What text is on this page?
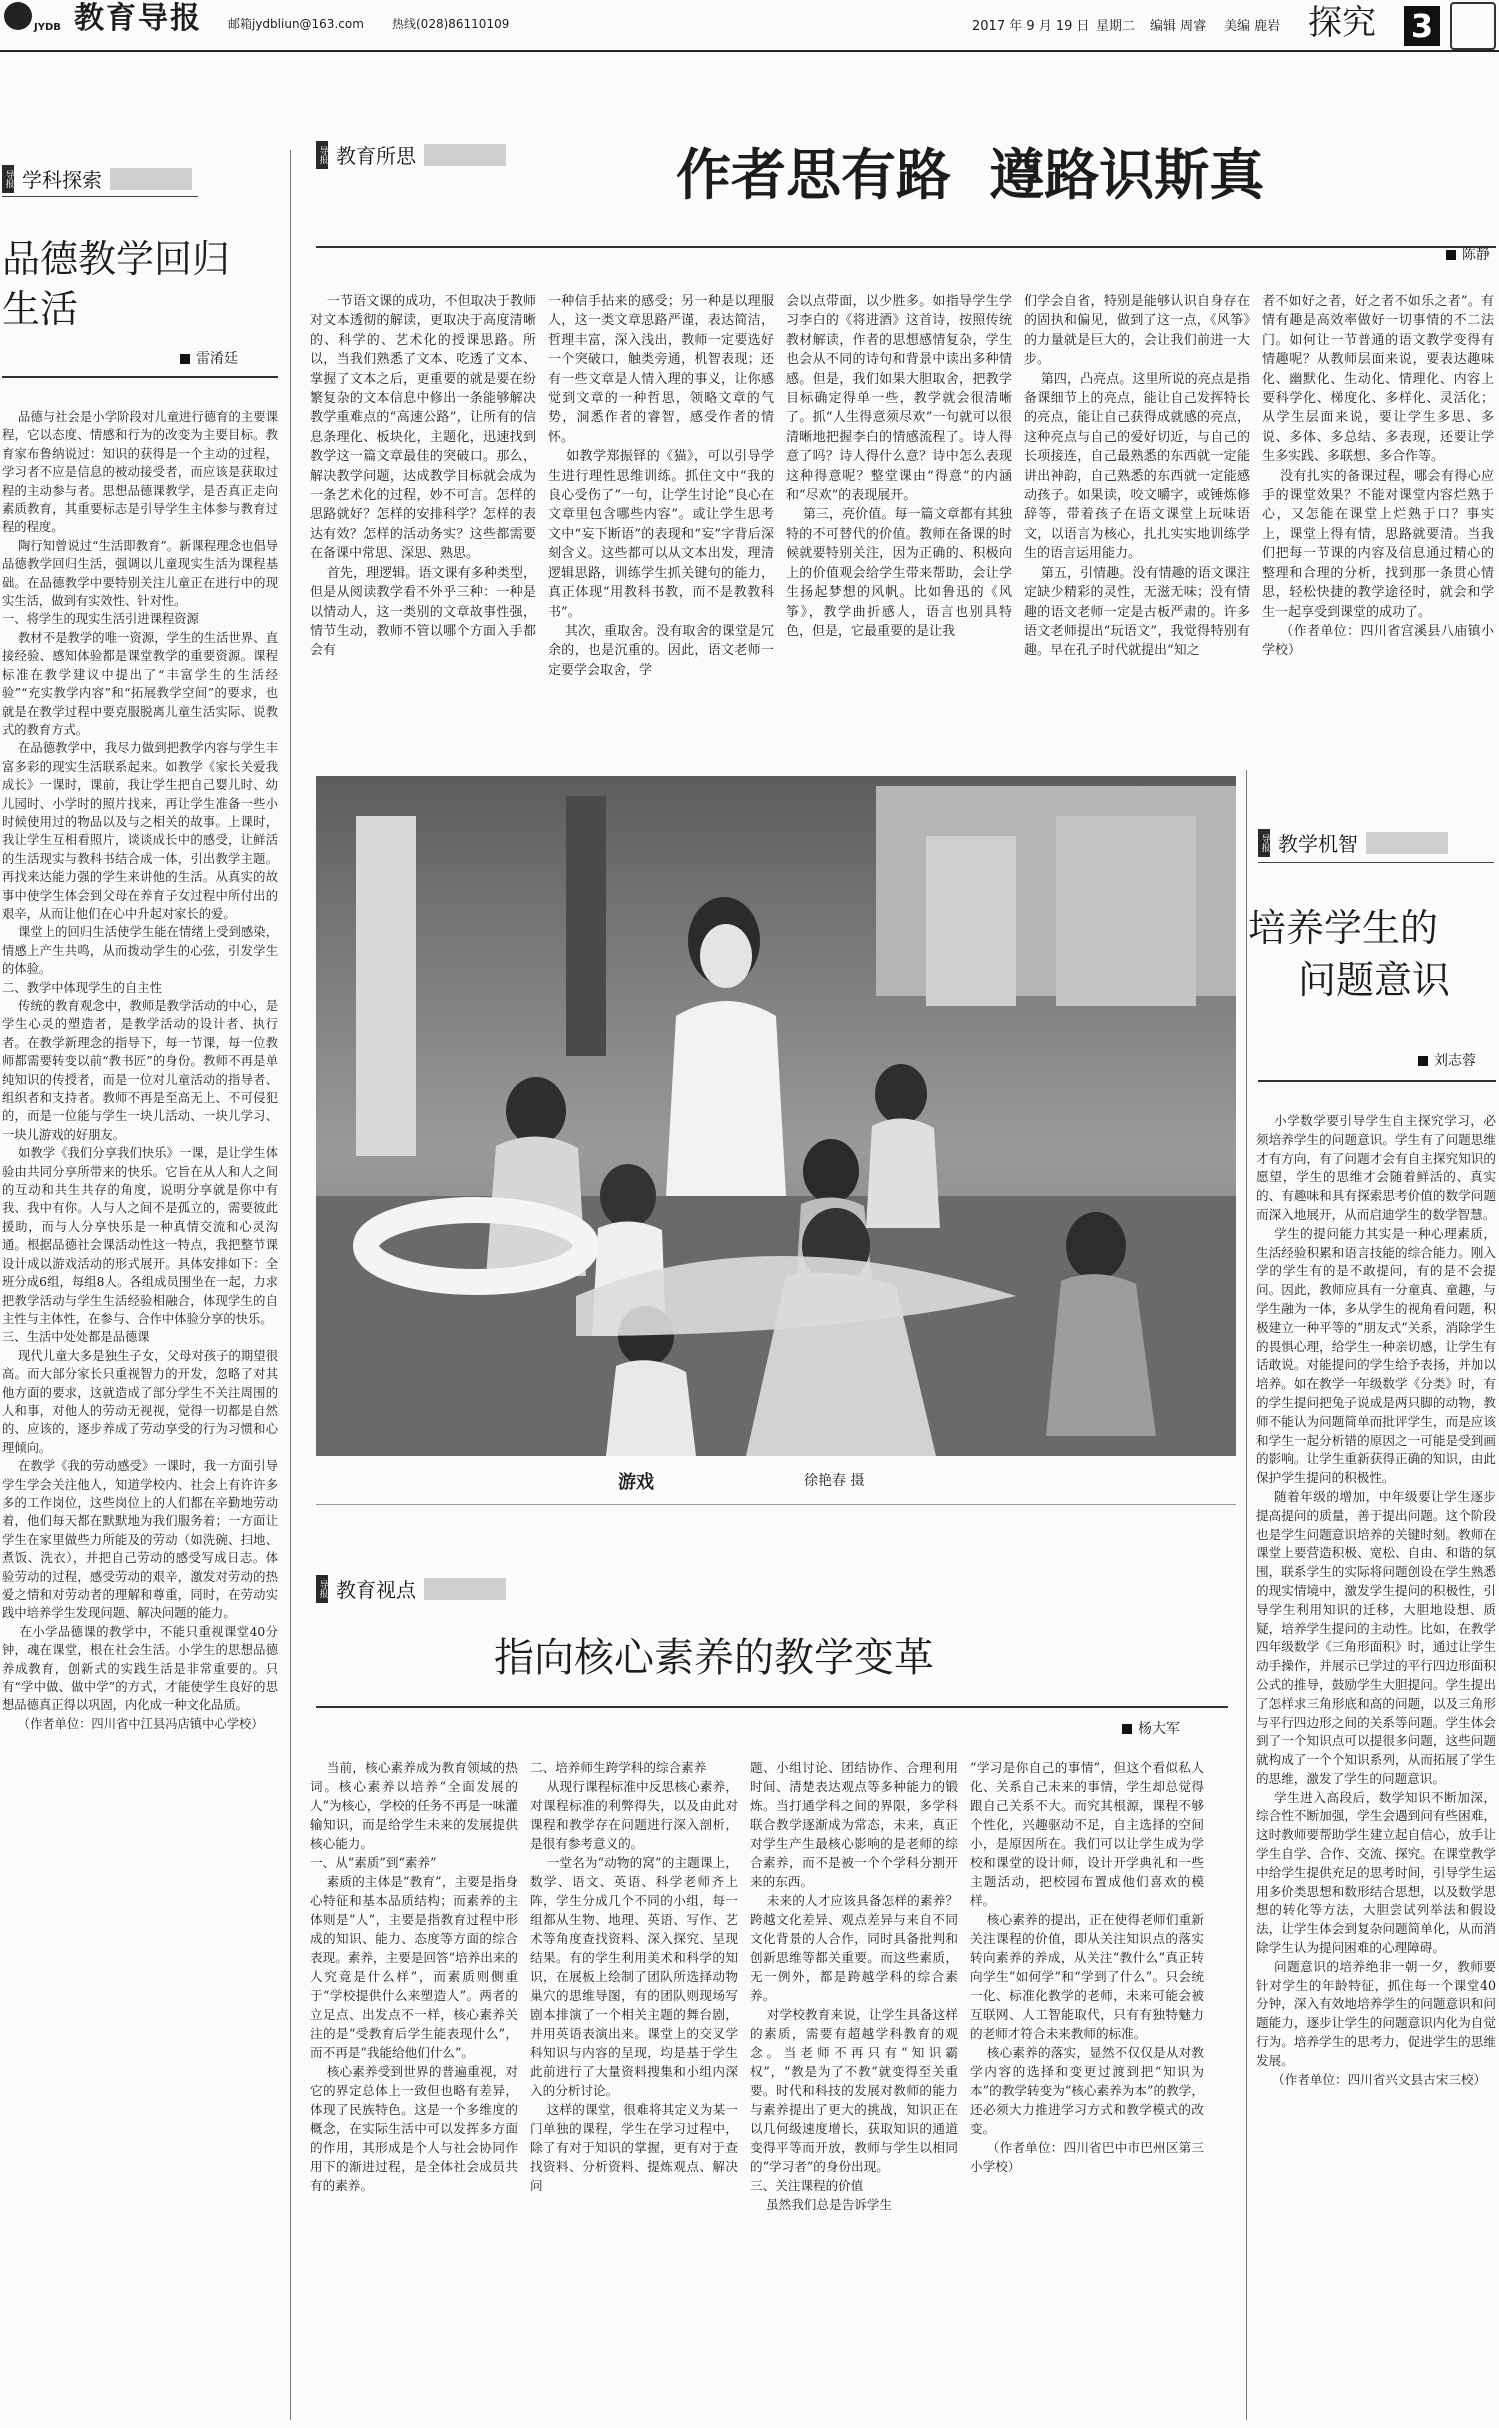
JYDB 教育导报 邮箱jydbliun@163.com 热线(028)86110109	2017 年 9 月 19 日 星期二 编辑 周睿 美编 鹿岩 探究 3
导报 学科探索
品德教学回归
生活
雷淆廷
品德与社会是小学阶段对儿童进行德育的主要课程，它以态度、情感和行为的改变为主要目标。教育家布鲁纳说过：知识的获得是一个主动的过程，学习者不应是信息的被动接受者，而应该是获取过程的主动参与者。思想品德课教学，是否真正走向素质教育，其重要标志是引导学生主体参与教育过程的程度。
陶行知曾说过“生活即教育”。新课程理念也倡导品德教学回归生活，强调以儿童现实生活为课程基础。在品德教学中要特别关注儿童正在进行中的现实生活，做到有实效性、针对性。
一、将学生的现实生活引进课程资源
教材不是教学的唯一资源，学生的生活世界、直接经验、感知体验都是课堂教学的重要资源。课程标准在教学建议中提出了“丰富学生的生活经验”“充实教学内容”和“拓展教学空间”的要求，也就是在教学过程中要克服脱离儿童生活实际、说教式的教育方式。
在品德教学中，我尽力做到把教学内容与学生丰富多彩的现实生活联系起来。如教学《家长关爱我成长》一课时，课前，我让学生把自己婴儿时、幼儿园时、小学时的照片找来，再让学生准备一些小时候使用过的物品以及与之相关的故事。上课时，我让学生互相看照片，谈谈成长中的感受，让鲜活的生活现实与教科书结合成一体，引出教学主题。再找来达能力强的学生来讲他的生活。从真实的故事中使学生体会到父母在养育子女过程中所付出的艰辛，从而让他们在心中升起对家长的爱。
课堂上的回归生活使学生能在情绪上受到感染，情感上产生共鸣，从而拨动学生的心弦，引发学生的体验。
二、教学中体现学生的自主性
传统的教育观念中，教师是教学活动的中心，是学生心灵的塑造者，是教学活动的设计者、执行者。在教学新理念的指导下，每一节课，每一位教师都需要转变以前“教书匠”的身份。教师不再是单纯知识的传授者，而是一位对儿童活动的指导者、组织者和支持者。教师不再是至高无上、不可侵犯的，而是一位能与学生一块儿活动、一块儿学习、一块儿游戏的好朋友。
如教学《我们分享我们快乐》一课，是让学生体验由共同分享所带来的快乐。它旨在从人和人之间的互动和共生共存的角度，说明分享就是你中有我、我中有你。人与人之间不是孤立的，需要彼此援助，而与人分享快乐是一种真情交流和心灵沟通。根据品德社会课活动性这一特点，我把整节课设计成以游戏活动的形式展开。具体安排如下：全班分成6组，每组8人。各组成员围坐在一起，力求把教学活动与学生生活经验相融合，体现学生的自主性与主体性，在参与、合作中体验分享的快乐。
三、生活中处处都是品德课
现代儿童大多是独生子女，父母对孩子的期望很高。而大部分家长只重视智力的开发，忽略了对其他方面的要求，这就造成了部分学生不关注周围的人和事，对他人的劳动无视视，觉得一切都是自然的、应该的，逐步养成了劳动享受的行为习惯和心理倾向。
在教学《我的劳动感受》一课时，我一方面引导学生学会关注他人，知道学校内、社会上有许许多多的工作岗位，这些岗位上的人们都在辛勤地劳动着，他们每天都在默默地为我们服务着；一方面让学生在家里做些力所能及的劳动（如洗碗、扫地、煮饭、洗衣），并把自己劳动的感受写成日志。体验劳动的过程，感受劳动的艰辛，激发对劳动的热爱之情和对劳动者的理解和尊重，同时，在劳动实践中培养学生发现问题、解决问题的能力。
在小学品德课的教学中，不能只重视课堂40分钟，魂在课堂，根在社会生活。小学生的思想品德养成教育，创新式的实践生活是非常重要的。只有“学中做、做中学”的方式，才能使学生良好的思想品德真正得以巩固，内化成一种文化品质。
（作者单位：四川省中江县冯店镇中心学校）
导报 教育所思	作者思有路  遵路识斯真
陈静
一节语文课的成功，不但取决于教师对文本透彻的解读，更取决于高度清晰的、科学的、艺术化的授课思路。所以，当我们熟悉了文本、吃透了文本、掌握了文本之后，更重要的就是要在纷繁复杂的文本信息中修出一条能够解决教学重难点的“高速公路”，让所有的信息条理化、板块化，主题化，迅速找到教学这一篇文章最佳的突破口。那么，解决教学问题，达成教学目标就会成为一条艺术化的过程，妙不可言。怎样的思路就好？怎样的安排科学？怎样的表达有效？怎样的活动务实？这些都需要在备课中常思、深思、熟思。
首先，理逻辑。语文课有多种类型，但是从阅读教学看不外乎三种：一种是以情动人，这一类别的文章故事性强，情节生动，教师不管以哪个方面入手都会有
一种信手拈来的感受；另一种是以理服人，这一类文章思路严谨，表达简洁，哲理丰富，深入浅出，教师一定要选好一个突破口，触类旁通，机智表现；还有一些文章是人情入理的事义，让你感觉到文章的一种哲思，领略文章的气势，洞悉作者的睿智，感受作者的情怀。
如教学郑振铎的《猫》，可以引导学生进行理性思维训练。抓住文中“我的良心受伤了”一句，让学生讨论“良心在文章里包含哪些内容”。或让学生思考文中“妄下断语”的表现和“妄”字背后深刻含义。这些都可以从文本出发，理清逻辑思路，训练学生抓关键句的能力，真正体现“用教科书教，而不是教教科书”。
其次，重取舍。没有取舍的课堂是冗余的，也是沉重的。因此，语文老师一定要学会取舍，学
会以点带面，以少胜多。如指导学生学习李白的《将进酒》这首诗，按照传统教材解读，作者的思想感情复杂，学生也会从不同的诗句和背景中读出多种情感。但是，我们如果大胆取舍，把教学目标确定得单一些，教学就会很清晰了。抓“人生得意须尽欢”一句就可以很清晰地把握李白的情感流程了。诗人得意了吗？诗人得什么意？诗中怎么表现这种得意呢？整堂课由“得意”的内涵和“尽欢”的表现展开。
第三，亮价值。每一篇文章都有其独特的不可替代的价值。教师在备课的时候就要特别关注，因为正确的、积极向上的价值观会给学生带来帮助，会让学生扬起梦想的风帆。比如鲁迅的《风筝》，教学曲折感人，语言也别具特色，但是，它最重要的是让我
们学会自省，特别是能够认识自身存在的固执和偏见，做到了这一点，《风筝》的力量就是巨大的，会让我们前进一大步。
第四，凸亮点。这里所说的亮点是指备课细节上的亮点，能让自己发挥特长的亮点，能让自己获得成就感的亮点，这种亮点与自己的爱好切近，与自己的长项接连，自己最熟悉的东西就一定能讲出神韵，自己熟悉的东西就一定能感动孩子。如果读，咬文嚼字，或锤炼修辞等，带着孩子在语文课堂上玩味语文，以语言为核心，扎扎实实地训练学生的语言运用能力。
第五，引情趣。没有情趣的语文课注定缺少精彩的灵性，无滋无味；没有情趣的语文老师一定是古板严肃的。许多语文老师提出“玩语文”，我觉得特别有趣。早在孔子时代就提出“知之
者不如好之者，好之者不如乐之者”。有情有趣是高效率做好一切事情的不二法门。如何让一节普通的语文教学变得有情趣呢？从教师层面来说，要表达趣味化、幽默化、生动化、情理化、内容上要科学化、梯度化、多样化、灵活化；从学生层面来说，要让学生多思、多说、多体、多总结、多表现，还要让学生多实践、多联想、多合作等。
没有扎实的备课过程，哪会有得心应手的课堂效果？不能对课堂内容烂熟于心，又怎能在课堂上烂熟于口？事实上，课堂上得有情，思路就要清。当我们把每一节课的内容及信息通过精心的整理和合理的分析，找到那一条贯心情思，轻松快捷的教学途径时，就会和学生一起享受到课堂的成功了。
（作者单位：四川省宫溪县八庙镇小学校）
游戏	徐艳春 摄
导报 教育视点
指向核心素养的教学变革
杨大军
当前，核心素养成为教育领域的热词。核心素养以培养“全面发展的人”为核心，学校的任务不再是一味灌输知识，而是给学生未来的发展提供核心能力。
一、从“素质”到“素养”
素质的主体是“教育”，主要是指身心特征和基本品质结构；而素养的主体则是“人”，主要是指教育过程中形成的知识、能力、态度等方面的综合表现。素养，主要是回答“培养出来的人究竟是什么样”，而素质则侧重于“学校提供什么来塑造人”。两者的立足点、出发点不一样，核心素养关注的是“受教育后学生能表现什么”，而不再是“我能给他们什么”。
核心素养受到世界的普遍重视，对它的界定总体上一致但也略有差异，体现了民族特色。这是一个多维度的概念，在实际生活中可以发挥多方面的作用，其形成是个人与社会协同作用下的渐进过程，是全体社会成员共有的素养。
二、培养师生跨学科的综合素养
从现行课程标准中反思核心素养，对课程标准的利弊得失，以及由此对课程和教学存在问题进行深入剖析，是很有参考意义的。
一堂名为“动物的窝”的主题课上，数学、语文、英语、科学老师齐上阵，学生分成几个不同的小组，每一组都从生物、地理、英语、写作、艺术等角度查找资料、深入探究、呈现结果。有的学生利用美术和科学的知识，在展板上绘制了团队所选择动物巢穴的思维导图，有的团队则现场写剧本排演了一个相关主题的舞台剧，并用英语表演出来。课堂上的交叉学科知识与内容的呈现，均是基于学生此前进行了大量资料搜集和小组内深入的分析讨论。
这样的课堂，很难将其定义为某一门单独的课程，学生在学习过程中，除了有对于知识的掌握，更有对于查找资料、分析资料、提炼观点、解决问
题、小组讨论、团结协作、合理利用时间、清楚表达观点等多种能力的锻炼。当打通学科之间的界限，多学科联合教学逐渐成为常态，未来，真正对学生产生最核心影响的是老师的综合素养，而不是被一个个学科分割开来的东西。
未来的人才应该具备怎样的素养？跨越文化差异、观点差异与来自不同文化背景的人合作，同时具备批判和创新思维等都关重要。而这些素质，无一例外，都是跨越学科的综合素养。
对学校教育来说，让学生具备这样的素质，需要有超越学科教育的观念。当老师不再只有“知识霸权”，“教是为了不教”就变得至关重要。时代和科技的发展对教师的能力与素养提出了更大的挑战，知识正在以几何级速度增长，获取知识的通道变得平等而开放，教师与学生以相同的“学习者”的身份出现。
三、关注课程的价值
虽然我们总是告诉学生
“学习是你自己的事情”，但这个看似私人化、关系自己未来的事情，学生却总觉得跟自己关系不大。而究其根源，课程不够个性化，兴趣驱动不足，自主选择的空间小，是原因所在。我们可以让学生成为学校和课堂的设计师，设计开学典礼和一些主题活动，把校园布置成他们喜欢的模样。
核心素养的提出，正在使得老师们重新关注课程的价值，即从关注知识点的落实转向素养的养成，从关注“教什么”真正转向学生“如何学”和“学到了什么”。只会统一化、标准化教学的老师，未来可能会被互联网、人工智能取代，只有有独特魅力的老师才符合未来教师的标准。
核心素养的落实，显然不仅仅是从对教学内容的选择和变更过渡到把“知识为本”的教学转变为“核心素养为本”的教学，还必须大力推进学习方式和教学模式的改变。
（作者单位：四川省巴中市巴州区第三小学校）
导报 教学机智
培养学生的
问题意识
刘志蓉
小学数学要引导学生自主探究学习，必须培养学生的问题意识。学生有了问题思维才有方向，有了问题才会有自主探究知识的愿望，学生的思维才会随着鲜活的、真实的、有趣味和具有探索思考价值的数学问题而深入地展开，从而启迪学生的数学智慧。
学生的提问能力其实是一种心理素质，生活经验积累和语言技能的综合能力。刚入学的学生有的是不敢提问，有的是不会提问。因此，教师应具有一分童真、童趣，与学生融为一体，多从学生的视角看问题，积极建立一种平等的“朋友式”关系，消除学生的畏惧心理，给学生一种亲切感，让学生有话敢说。对能提问的学生给予表扬，并加以培养。如在教学一年级数学《分类》时，有的学生提问把兔子说成是两只脚的动物，教师不能认为问题简单而批评学生，而是应该和学生一起分析错的原因之一可能是受到画的影响。让学生重新获得正确的知识，由此保护学生提问的积极性。
随着年级的增加，中年级要让学生逐步提高提问的质量，善于提出问题。这个阶段也是学生问题意识培养的关键时刻。教师在课堂上要营造积极、宽松、自由、和谐的氛围，联系学生的实际将问题创设在学生熟悉的现实情境中，激发学生提问的积极性，引导学生利用知识的迁移，大胆地设想、质疑，培养学生提问的主动性。比如，在教学四年级数学《三角形面积》时，通过让学生动手操作，并展示已学过的平行四边形面积公式的推导，鼓励学生大胆提问。学生提出了怎样求三角形底和高的问题，以及三角形与平行四边形之间的关系等问题。学生体会到了一个知识点可以提很多问题，这些问题就构成了一个个知识系列，从而拓展了学生的思维，激发了学生的问题意识。
学生进入高段后，数学知识不断加深，综合性不断加强，学生会遇到问有些困难，这时教师要帮助学生建立起自信心，放手让学生自学、合作、交流、探究。在课堂教学中给学生提供充足的思考时间，引导学生运用多价类思想和数形结合思想，以及数学思想的转化等方法，大胆尝试列举法和假设法，让学生体会到复杂问题简单化，从而消除学生认为提问困难的心理障碍。
问题意识的培养绝非一朝一夕，教师要针对学生的年龄特征，抓住每一个课堂40分钟，深入有效地培养学生的问题意识和问题能力，逐步让学生的问题意识内化为自觉行为。培养学生的思考力，促进学生的思维发展。
（作者单位：四川省兴文县古宋三校）
